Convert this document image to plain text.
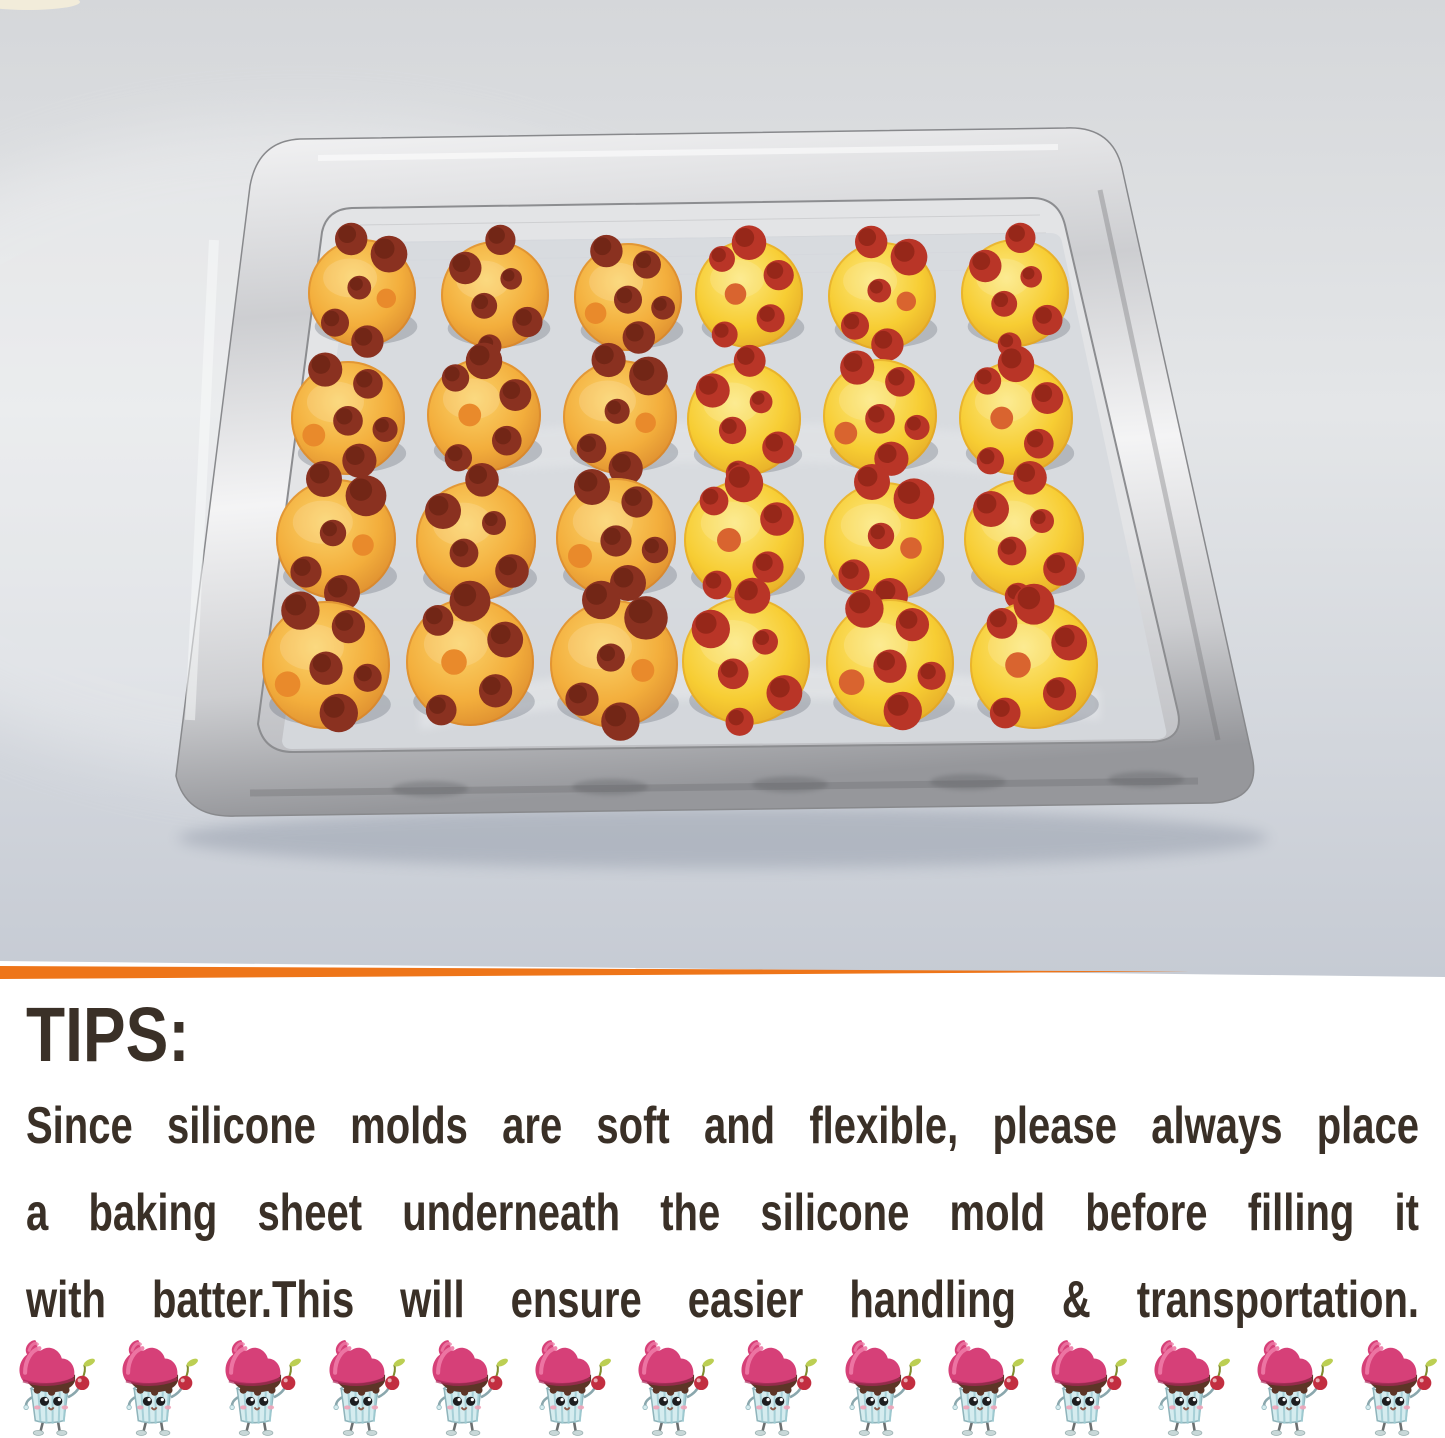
TIPS:
Since silicone molds are soft and flexible, please always place
a baking sheet underneath the silicone mold before filling it
with batter.This will ensure easier handling & transportation.
